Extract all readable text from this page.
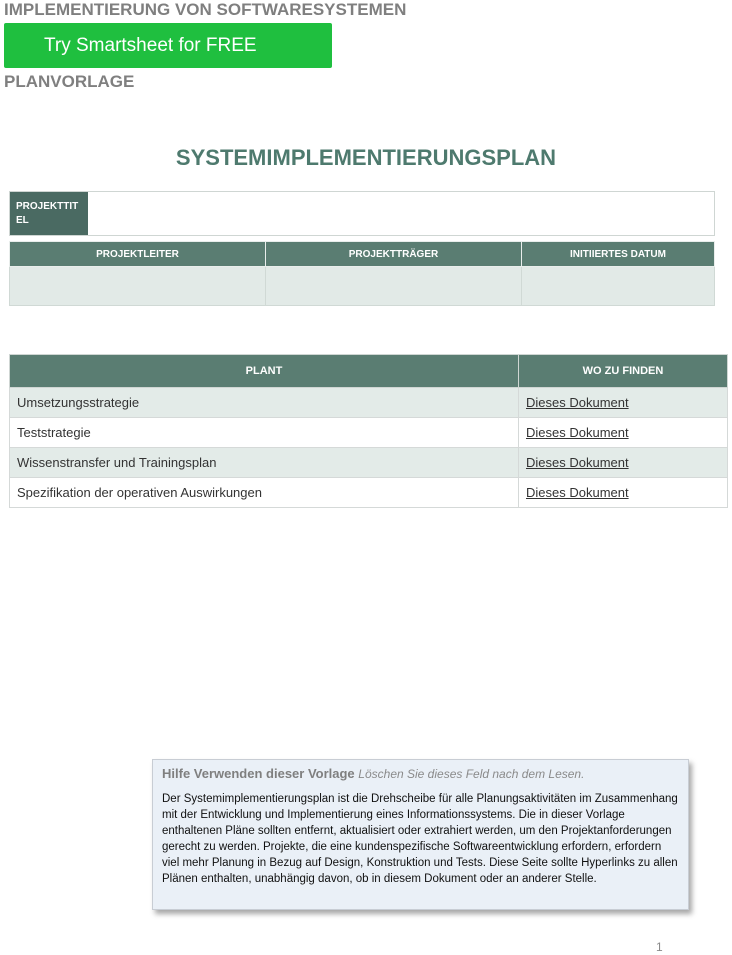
IMPLEMENTIERUNG VON SOFTWARESYSTEMEN
Try Smartsheet for FREE
PLANVORLAGE
SYSTEMIMPLEMENTIERUNGSPLAN
PROJEKTTITEL
PROJEKTLEITER	PROJEKTTRÄGER	INITIIERTES DATUM

PLANT	WO ZU FINDEN
Umsetzungsstrategie	Dieses Dokument
Teststrategie	Dieses Dokument
Wissenstransfer und Trainingsplan	Dieses Dokument
Spezifikation der operativen Auswirkungen	Dieses Dokument
Hilfe Verwenden dieser Vorlage Löschen Sie dieses Feld nach dem Lesen.
Der Systemimplementierungsplan ist die Drehscheibe für alle Planungsaktivitäten im Zusammenhang mit der Entwicklung und Implementierung eines Informationssystems. Die in dieser Vorlage enthaltenen Pläne sollten entfernt, aktualisiert oder extrahiert werden, um den Projektanforderungen gerecht zu werden. Projekte, die eine kundenspezifische Softwareentwicklung erfordern, erfordern viel mehr Planung in Bezug auf Design, Konstruktion und Tests. Diese Seite sollte Hyperlinks zu allen Plänen enthalten, unabhängig davon, ob in diesem Dokument oder an anderer Stelle.
1
